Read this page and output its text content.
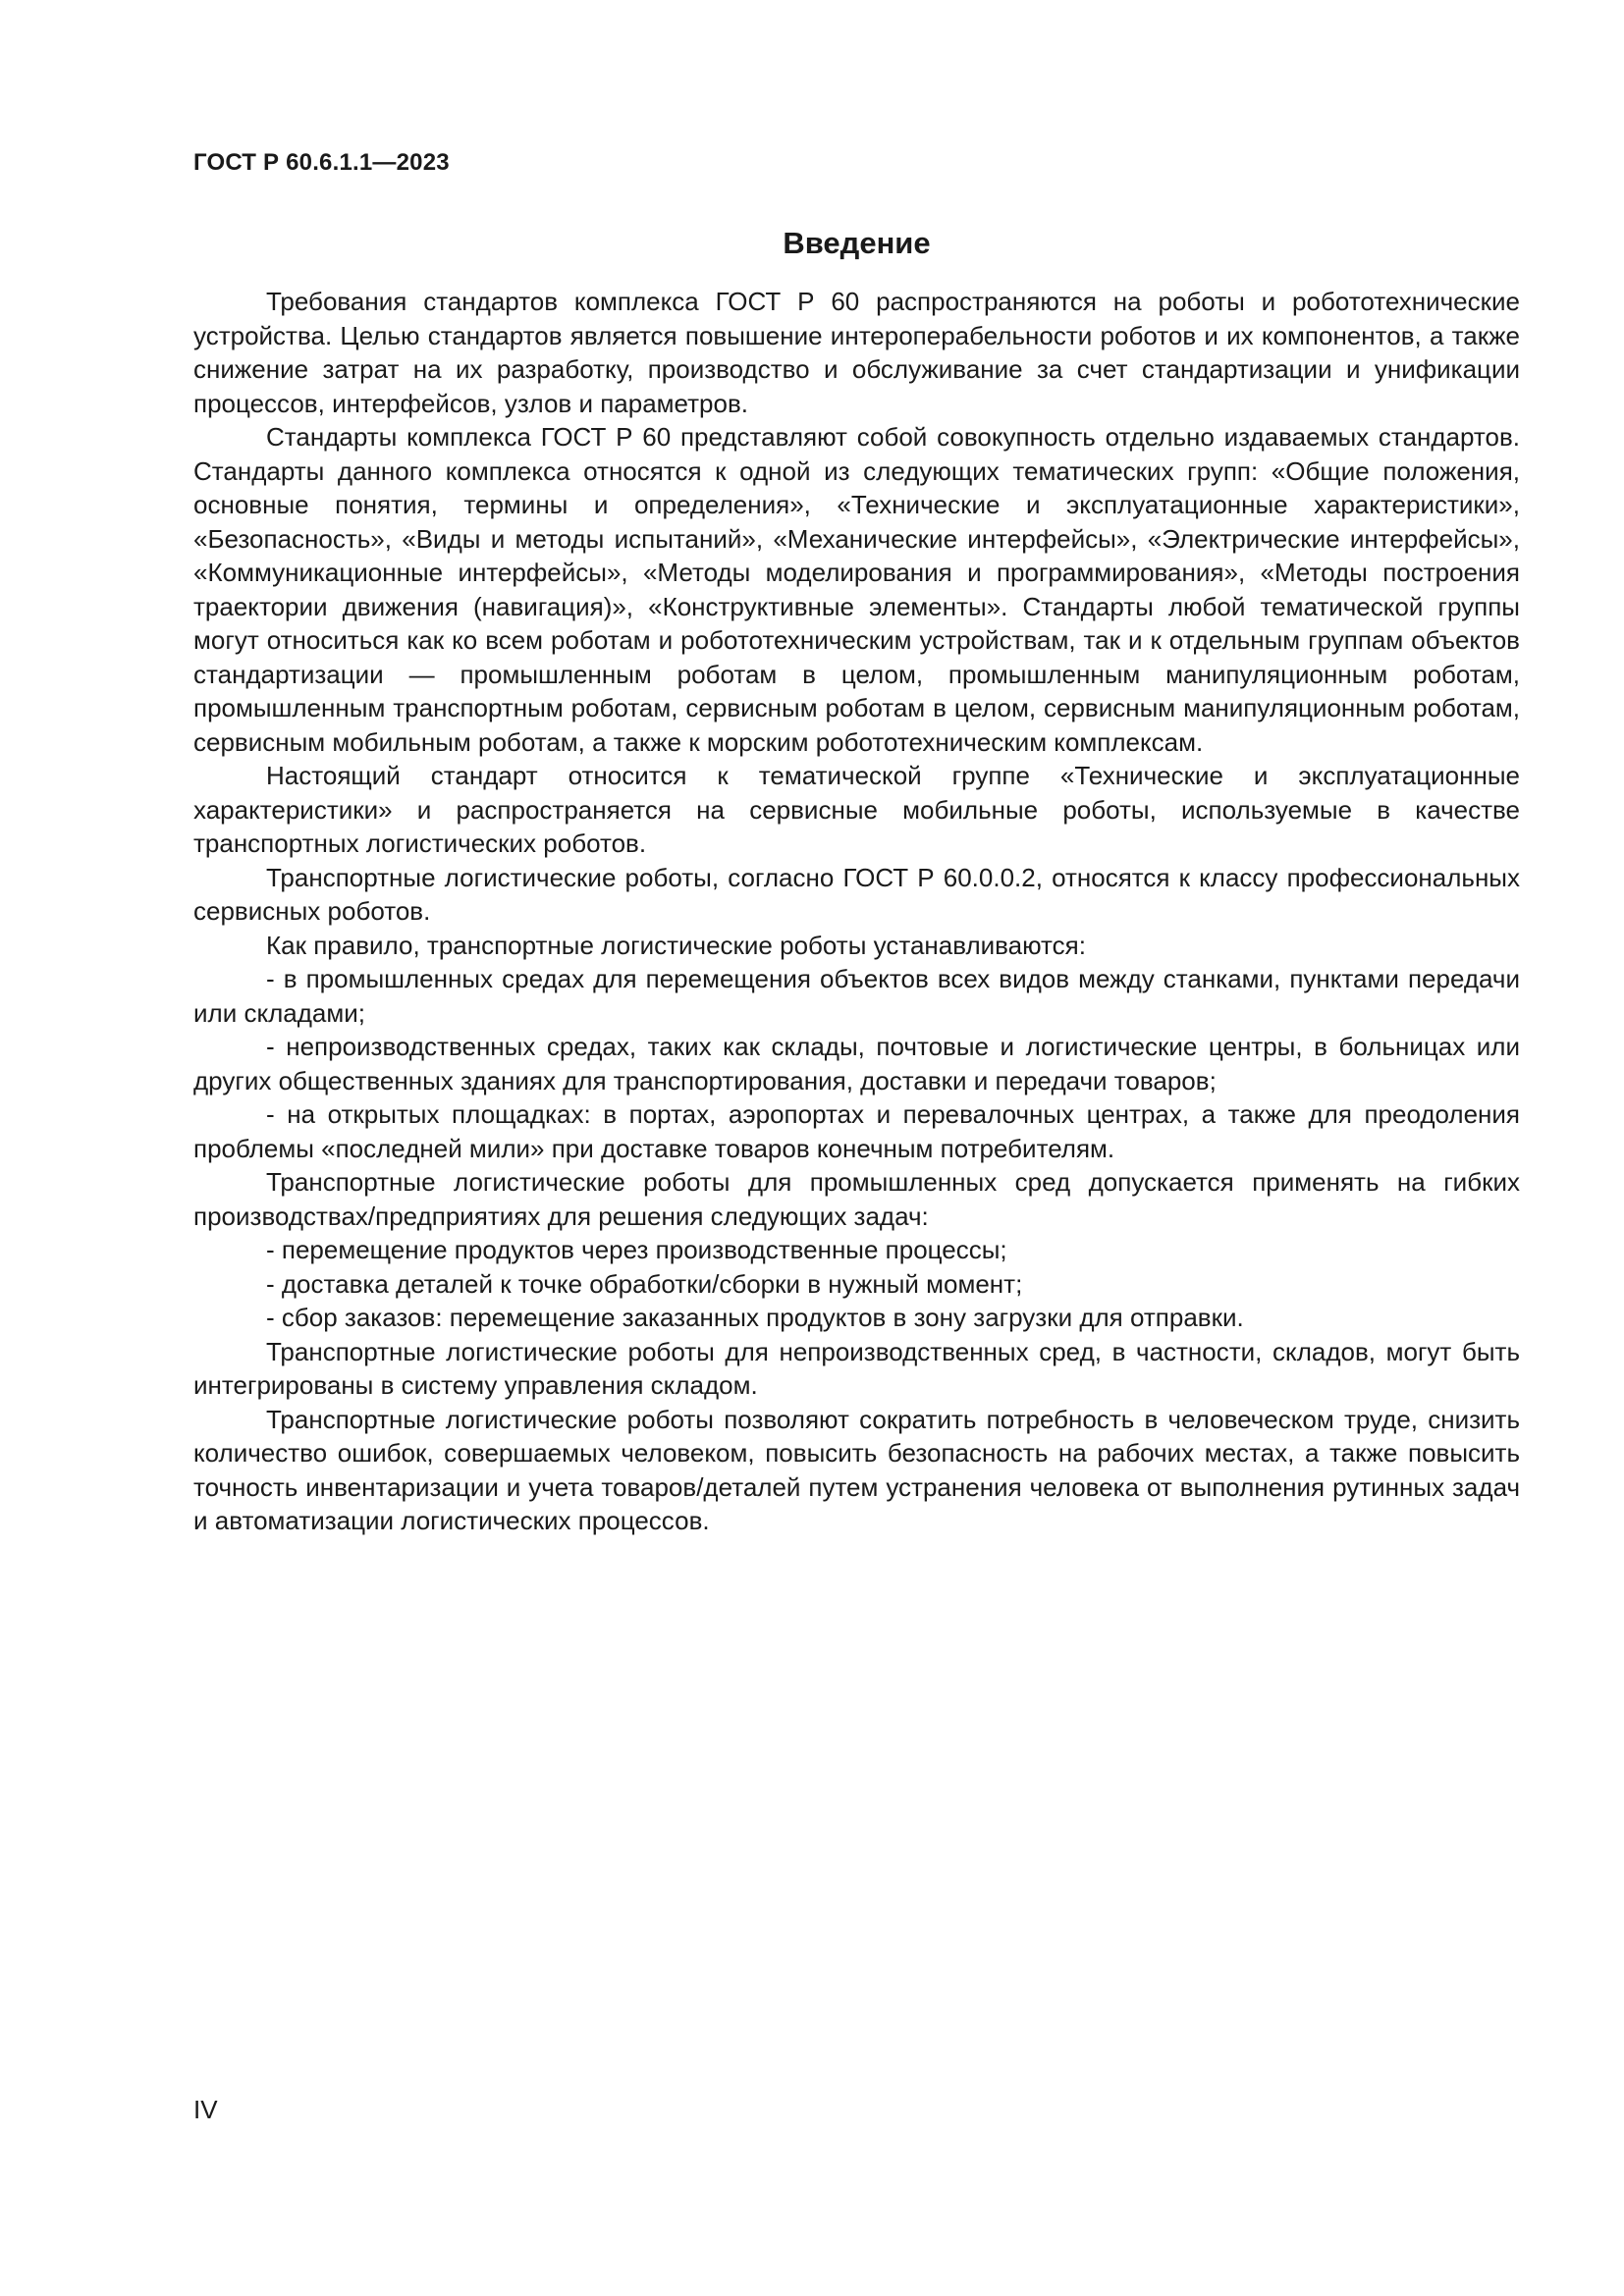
ГОСТ Р 60.6.1.1—2023
Введение

Требования стандартов комплекса ГОСТ Р 60 распространяются на роботы и робототехнические устройства. Целью стандартов является повышение интероперабельности роботов и их компонентов, а также снижение затрат на их разработку, производство и обслуживание за счет стандартизации и унификации процессов, интерфейсов, узлов и параметров.

Стандарты комплекса ГОСТ Р 60 представляют собой совокупность отдельно издаваемых стандартов. Стандарты данного комплекса относятся к одной из следующих тематических групп: «Общие положения, основные понятия, термины и определения», «Технические и эксплуатационные характеристики», «Безопасность», «Виды и методы испытаний», «Механические интерфейсы», «Электрические интерфейсы», «Коммуникационные интерфейсы», «Методы моделирования и программирования», «Методы построения траектории движения (навигация)», «Конструктивные элементы». Стандарты любой тематической группы могут относиться как ко всем роботам и робототехническим устройствам, так и к отдельным группам объектов стандартизации — промышленным роботам в целом, промышленным манипуляционным роботам, промышленным транспортным роботам, сервисным роботам в целом, сервисным манипуляционным роботам, сервисным мобильным роботам, а также к морским робототехническим комплексам.

Настоящий стандарт относится к тематической группе «Технические и эксплуатационные характеристики» и распространяется на сервисные мобильные роботы, используемые в качестве транспортных логистических роботов.

Транспортные логистические роботы, согласно ГОСТ Р 60.0.0.2, относятся к классу профессиональных сервисных роботов.

Как правило, транспортные логистические роботы устанавливаются:

- в промышленных средах для перемещения объектов всех видов между станками, пунктами передачи или складами;

- непроизводственных средах, таких как склады, почтовые и логистические центры, в больницах или других общественных зданиях для транспортирования, доставки и передачи товаров;

- на открытых площадках: в портах, аэропортах и перевалочных центрах, а также для преодоления проблемы «последней мили» при доставке товаров конечным потребителям.

Транспортные логистические роботы для промышленных сред допускается применять на гибких производствах/предприятиях для решения следующих задач:

- перемещение продуктов через производственные процессы;

- доставка деталей к точке обработки/сборки в нужный момент;

- сбор заказов: перемещение заказанных продуктов в зону загрузки для отправки.

Транспортные логистические роботы для непроизводственных сред, в частности, складов, могут быть интегрированы в систему управления складом.

Транспортные логистические роботы позволяют сократить потребность в человеческом труде, снизить количество ошибок, совершаемых человеком, повысить безопасность на рабочих местах, а также повысить точность инвентаризации и учета товаров/деталей путем устранения человека от выполнения рутинных задач и автоматизации логистических процессов.

IV
